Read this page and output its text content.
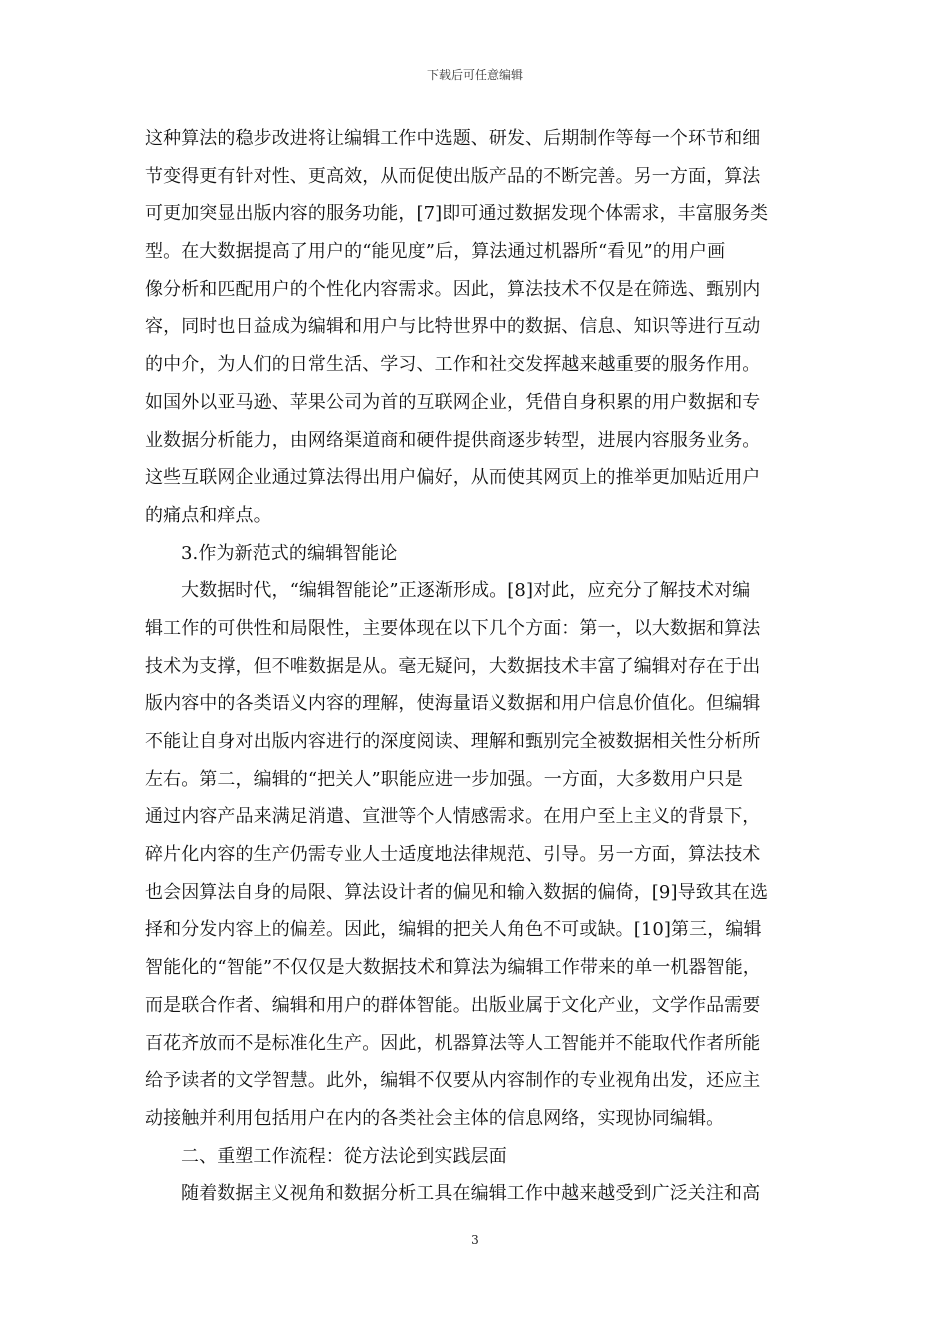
下载后可任意编辑
这种算法的稳步改进将让编辑工作中选题、研发、后期制作等每一个环节和细
节变得更有针对性、更高效，从而促使出版产品的不断完善。另一方面，算法
可更加突显出版内容的服务功能，[7]即可通过数据发现个体需求，丰富服务类
型。在大数据提高了用户的“能见度”后，算法通过机器所“看见”的用户画
像分析和匹配用户的个性化内容需求。因此，算法技术不仅是在筛选、甄别内
容，同时也日益成为编辑和用户与比特世界中的数据、信息、知识等进行互动
的中介，为人们的日常生活、学习、工作和社交发挥越来越重要的服务作用。
如国外以亚马逊、苹果公司为首的互联网企业，凭借自身积累的用户数据和专
业数据分析能力，由网络渠道商和硬件提供商逐步转型，进展内容服务业务。
这些互联网企业通过算法得出用户偏好，从而使其网页上的推举更加贴近用户
的痛点和痒点。
3.作为新范式的编辑智能论
大数据时代，“编辑智能论”正逐渐形成。[8]对此，应充分了解技术对编
辑工作的可供性和局限性，主要体现在以下几个方面：第一，以大数据和算法
技术为支撑，但不唯数据是从。毫无疑问，大数据技术丰富了编辑对存在于出
版内容中的各类语义内容的理解，使海量语义数据和用户信息价值化。但编辑
不能让自身对出版内容进行的深度阅读、理解和甄别完全被数据相关性分析所
左右。第二，编辑的“把关人”职能应进一步加强。一方面，大多数用户只是
通过内容产品来满足消遣、宣泄等个人情感需求。在用户至上主义的背景下，
碎片化内容的生产仍需专业人士适度地法律规范、引导。另一方面，算法技术
也会因算法自身的局限、算法设计者的偏见和输入数据的偏倚，[9]导致其在选
择和分发内容上的偏差。因此，编辑的把关人角色不可或缺。[10]第三，编辑
智能化的“智能”不仅仅是大数据技术和算法为编辑工作带来的单一机器智能，
而是联合作者、编辑和用户的群体智能。出版业属于文化产业，文学作品需要
百花齐放而不是标准化生产。因此，机器算法等人工智能并不能取代作者所能
给予读者的文学智慧。此外，编辑不仅要从内容制作的专业视角出发，还应主
动接触并利用包括用户在内的各类社会主体的信息网络，实现协同编辑。
二、重塑工作流程：從方法论到实践层面
随着数据主义视角和数据分析工具在编辑工作中越来越受到广泛关注和高
3
